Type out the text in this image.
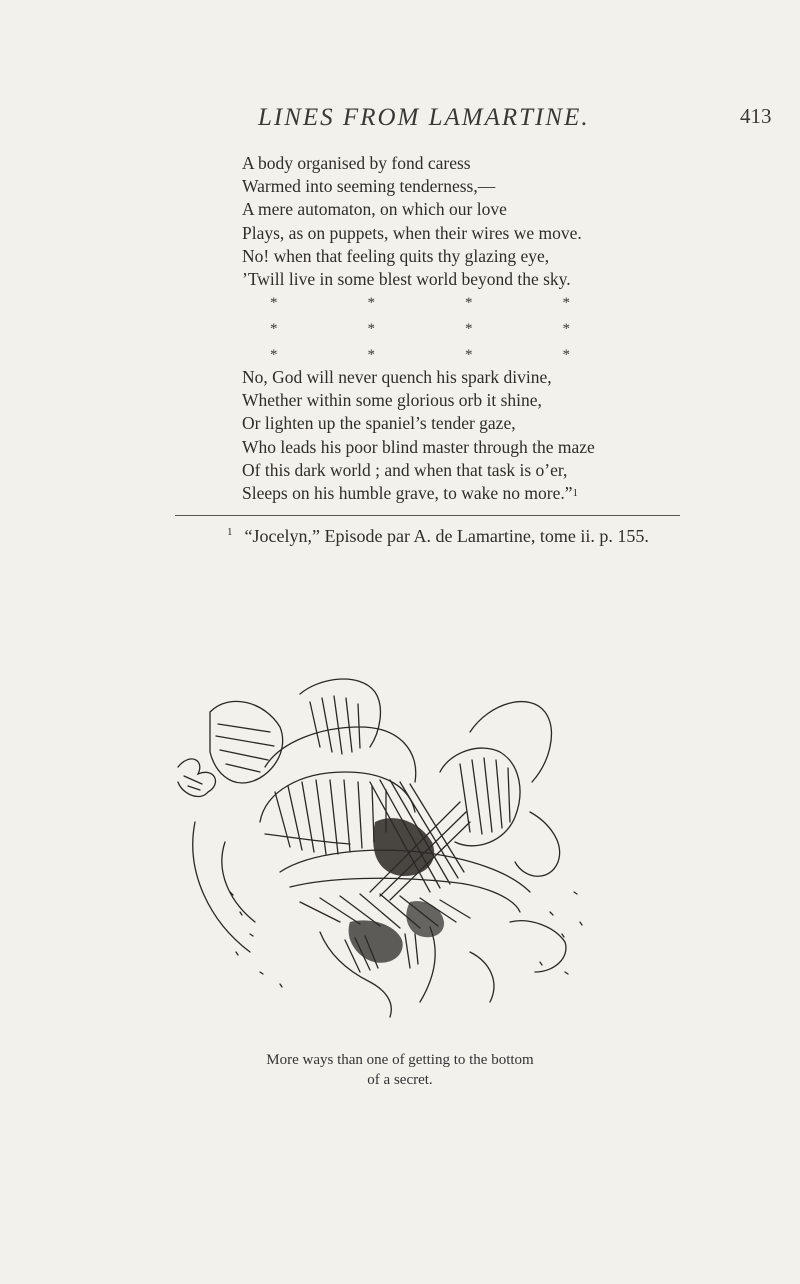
LINES FROM LAMARTINE.	413
A body organised by fond caress
Warmed into seeming tenderness,—
A mere automaton, on which our love
Plays, as on puppets, when their wires we move.
No! when that feeling quits thy glazing eye,
’Twill live in some blest world beyond the sky.
*	*	*	*
*	*	*	*
*	*	*	*
No, God will never quench his spark divine,
Whether within some glorious orb it shine,
Or lighten up the spaniel’s tender gaze,
Who leads his poor blind master through the maze
Of this dark world ; and when that task is o’er,
Sleeps on his humble grave, to wake no more.”$^1$
$^1$ “Jocelyn,” Episode par A. de Lamartine, tome ii. p. 155.
More ways than one of getting to the bottom
of a secret.
